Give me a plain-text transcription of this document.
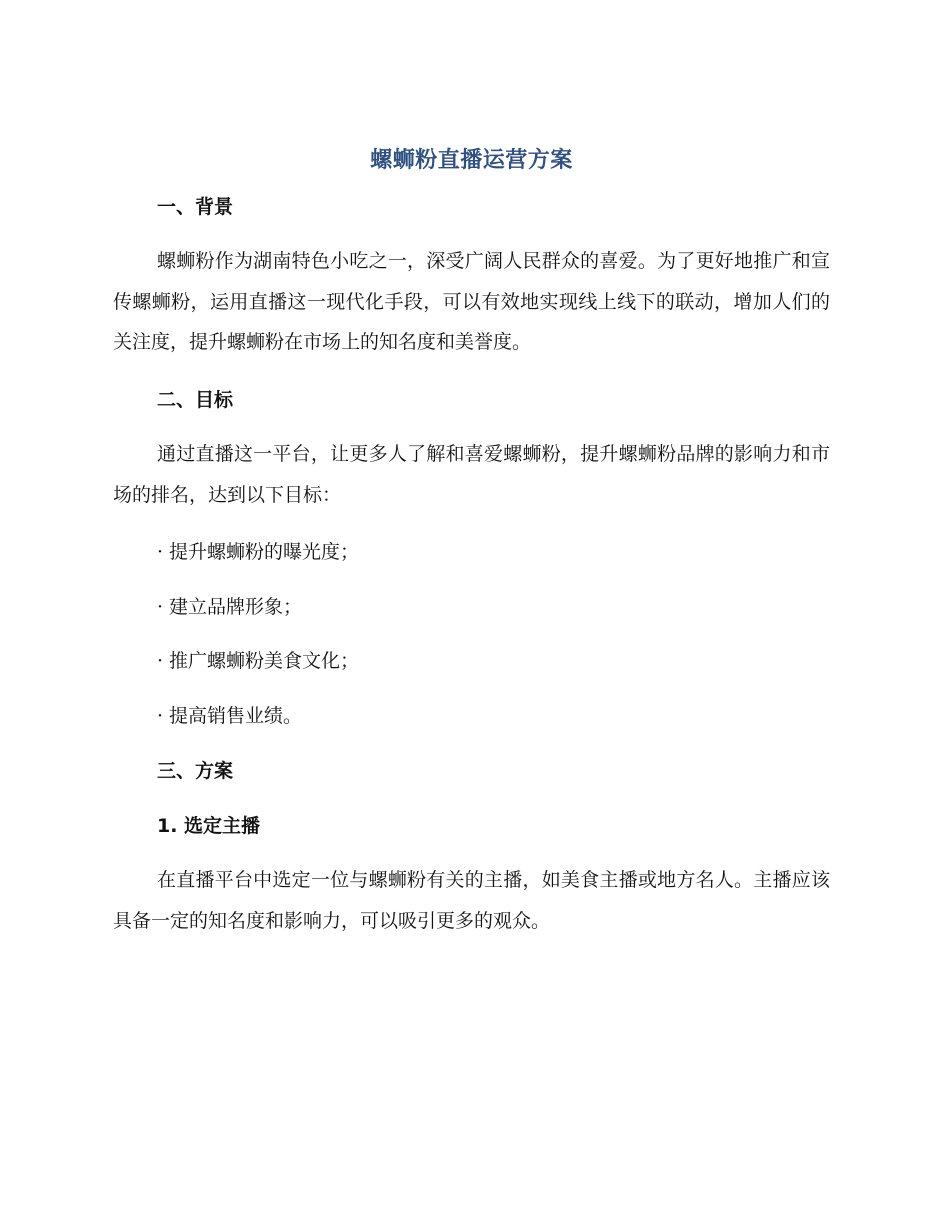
螺蛳粉直播运营方案
一、背景

螺蛳粉作为湖南特色小吃之一，深受广阔人民群众的喜爱。为了更好地推广和宣传螺蛳粉，运用直播这一现代化手段，可以有效地实现线上线下的联动，增加人们的关注度，提升螺蛳粉在市场上的知名度和美誉度。

二、目标

通过直播这一平台，让更多人了解和喜爱螺蛳粉，提升螺蛳粉品牌的影响力和市场的排名，达到以下目标：

· 提升螺蛳粉的曝光度；
· 建立品牌形象；
· 推广螺蛳粉美食文化；
· 提高销售业绩。
三、方案
1. 选定主播

在直播平台中选定一位与螺蛳粉有关的主播，如美食主播或地方名人。主播应该具备一定的知名度和影响力，可以吸引更多的观众。
